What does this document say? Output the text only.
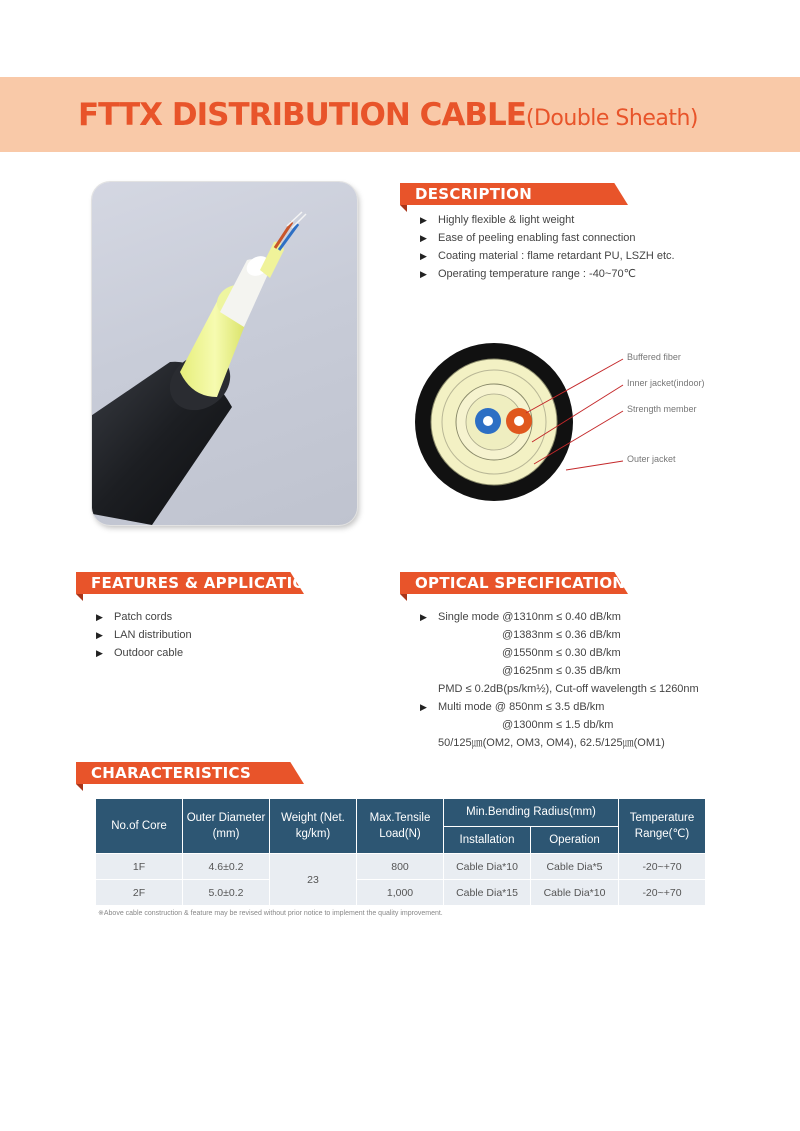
FTTX DISTRIBUTION CABLE(Double Sheath)
DESCRIPTION
▶ Highly flexible & light weight
▶ Ease of peeling enabling fast connection
▶ Coating material : flame retardant PU, LSZH etc.
▶ Operating temperature range : -40~70℃
Buffered fiber
Inner jacket(indoor)
Strength member
Outer jacket
FEATURES & APPLICATIONS
▶ Patch cords
▶ LAN distribution
▶ Outdoor cable
OPTICAL SPECIFICATIONS
▶ Single mode @1310nm ≤ 0.40 dB/km
@1383nm ≤ 0.36 dB/km
@1550nm ≤ 0.30 dB/km
@1625nm ≤ 0.35 dB/km
PMD ≤ 0.2dB(ps/km½), Cut-off wavelength ≤ 1260nm
▶ Multi mode @ 850nm ≤ 3.5 dB/km
@1300nm ≤ 1.5 db/km
50/125㎛(OM2, OM3, OM4), 62.5/125㎛(OM1)
CHARACTERISTICS
No.of Core	Outer Diameter (mm)	Weight (Net. kg/km)	Max.Tensile Load(N)	Min.Bending Radius(mm)		Temperature Range(℃)
				Installation	Operation	
1F	4.6±0.2	23	800	Cable Dia*10	Cable Dia*5	-20~+70
2F	5.0±0.2		1,000	Cable Dia*15	Cable Dia*10	-20~+70
※Above cable construction & feature may be revised without prior notice to implement the quality improvement.
